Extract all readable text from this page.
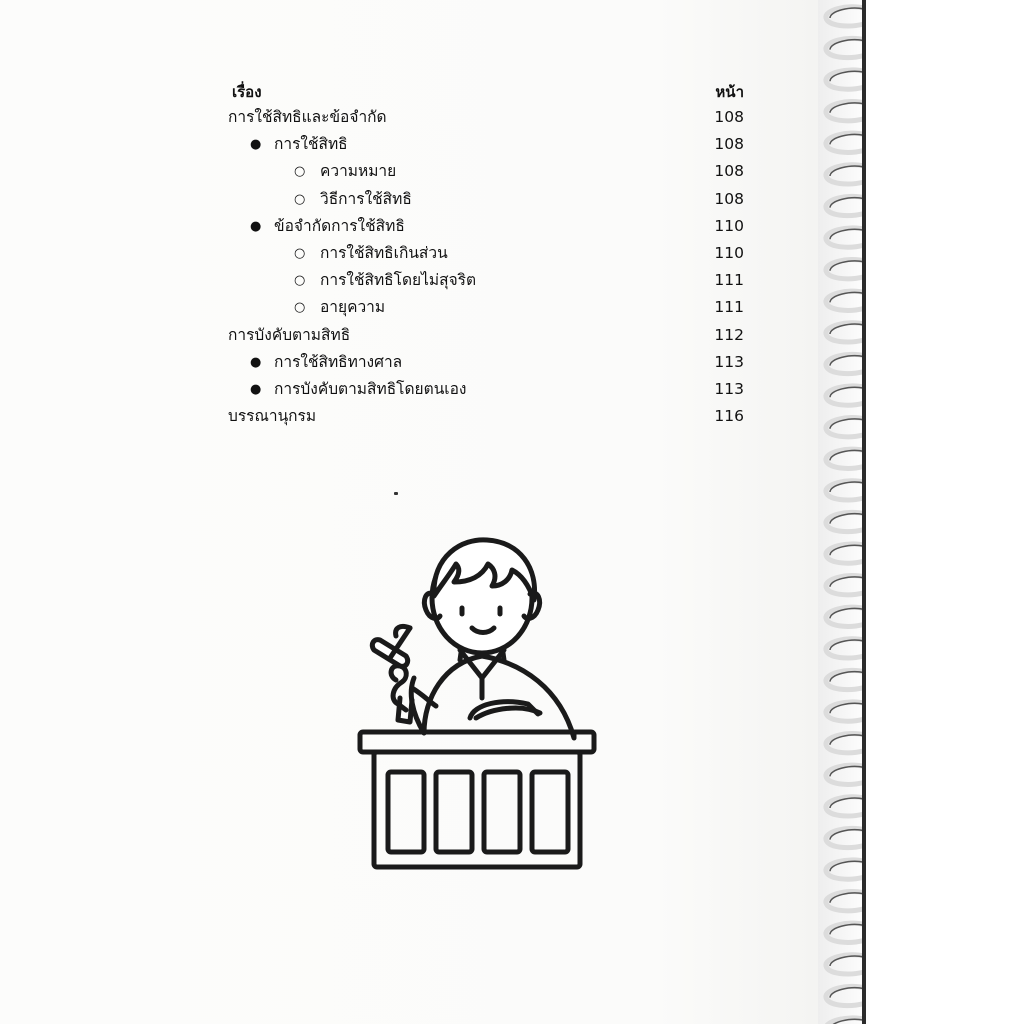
เรื่อง	หน้า
การใช้สิทธิและข้อจำกัด	108
● การใช้สิทธิ	108
○ ความหมาย	108
○ วิธีการใช้สิทธิ	108
● ข้อจำกัดการใช้สิทธิ	110
○ การใช้สิทธิเกินส่วน	110
○ การใช้สิทธิโดยไม่สุจริต	111
○ อายุความ	111
การบังคับตามสิทธิ	112
● การใช้สิทธิทางศาล	113
● การบังคับตามสิทธิโดยตนเอง	113
บรรณานุกรม	116
